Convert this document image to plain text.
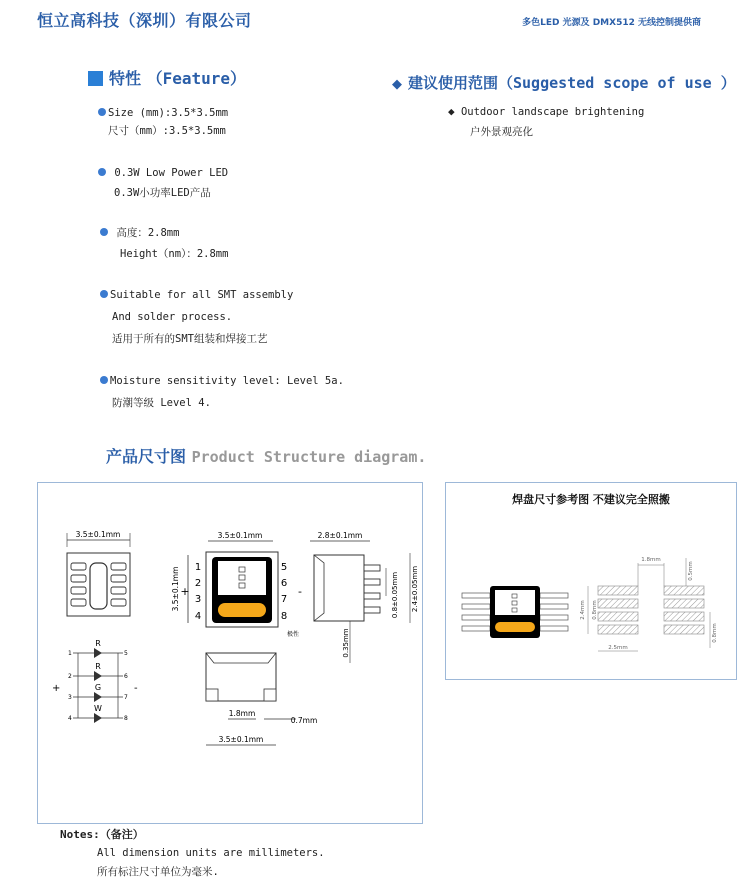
恒立高科技（深圳）有限公司	多色LED 光源及 DMX512 无线控制提供商
特性 （Feature）
Size (mm):3.5*3.5mm
尺寸（mm）:3.5*3.5mm
0.3W Low Power LED
0.3W小功率LED产品
高度：2.8mm
Height（nm）：2.8mm
Suitable for all SMT assembly
And solder process.
适用于所有的SMT组装和焊接工艺
Moisture sensitivity level: Level 5a.
防潮等级 Level 4.
◆ 建议使用范围（Suggested scope of use ）
◆ Outdoor landscape brightening
户外景观亮化
产品尺寸图 Product Structure diagram.
3.5±0.1mm	3.5±0.1mm
3.5±0.1mm +
1
2
3
4
5
6
7
8
-
极性
2.8±0.1mm
0.8±0.05mm 2.4±0.05mm
0.35mm
1.8mm
0.7mm
3.5±0.1mm
R
R
G
W
1
2
3
4
5
6
7
8
+	-
焊盘尺寸参考图 不建议完全照搬
1.8mm
0.5mm
2.4mm 0.8mm
2.5mm
0.8mm
Notes:（备注）
All dimension units are millimeters.
所有标注尺寸单位为毫米.
